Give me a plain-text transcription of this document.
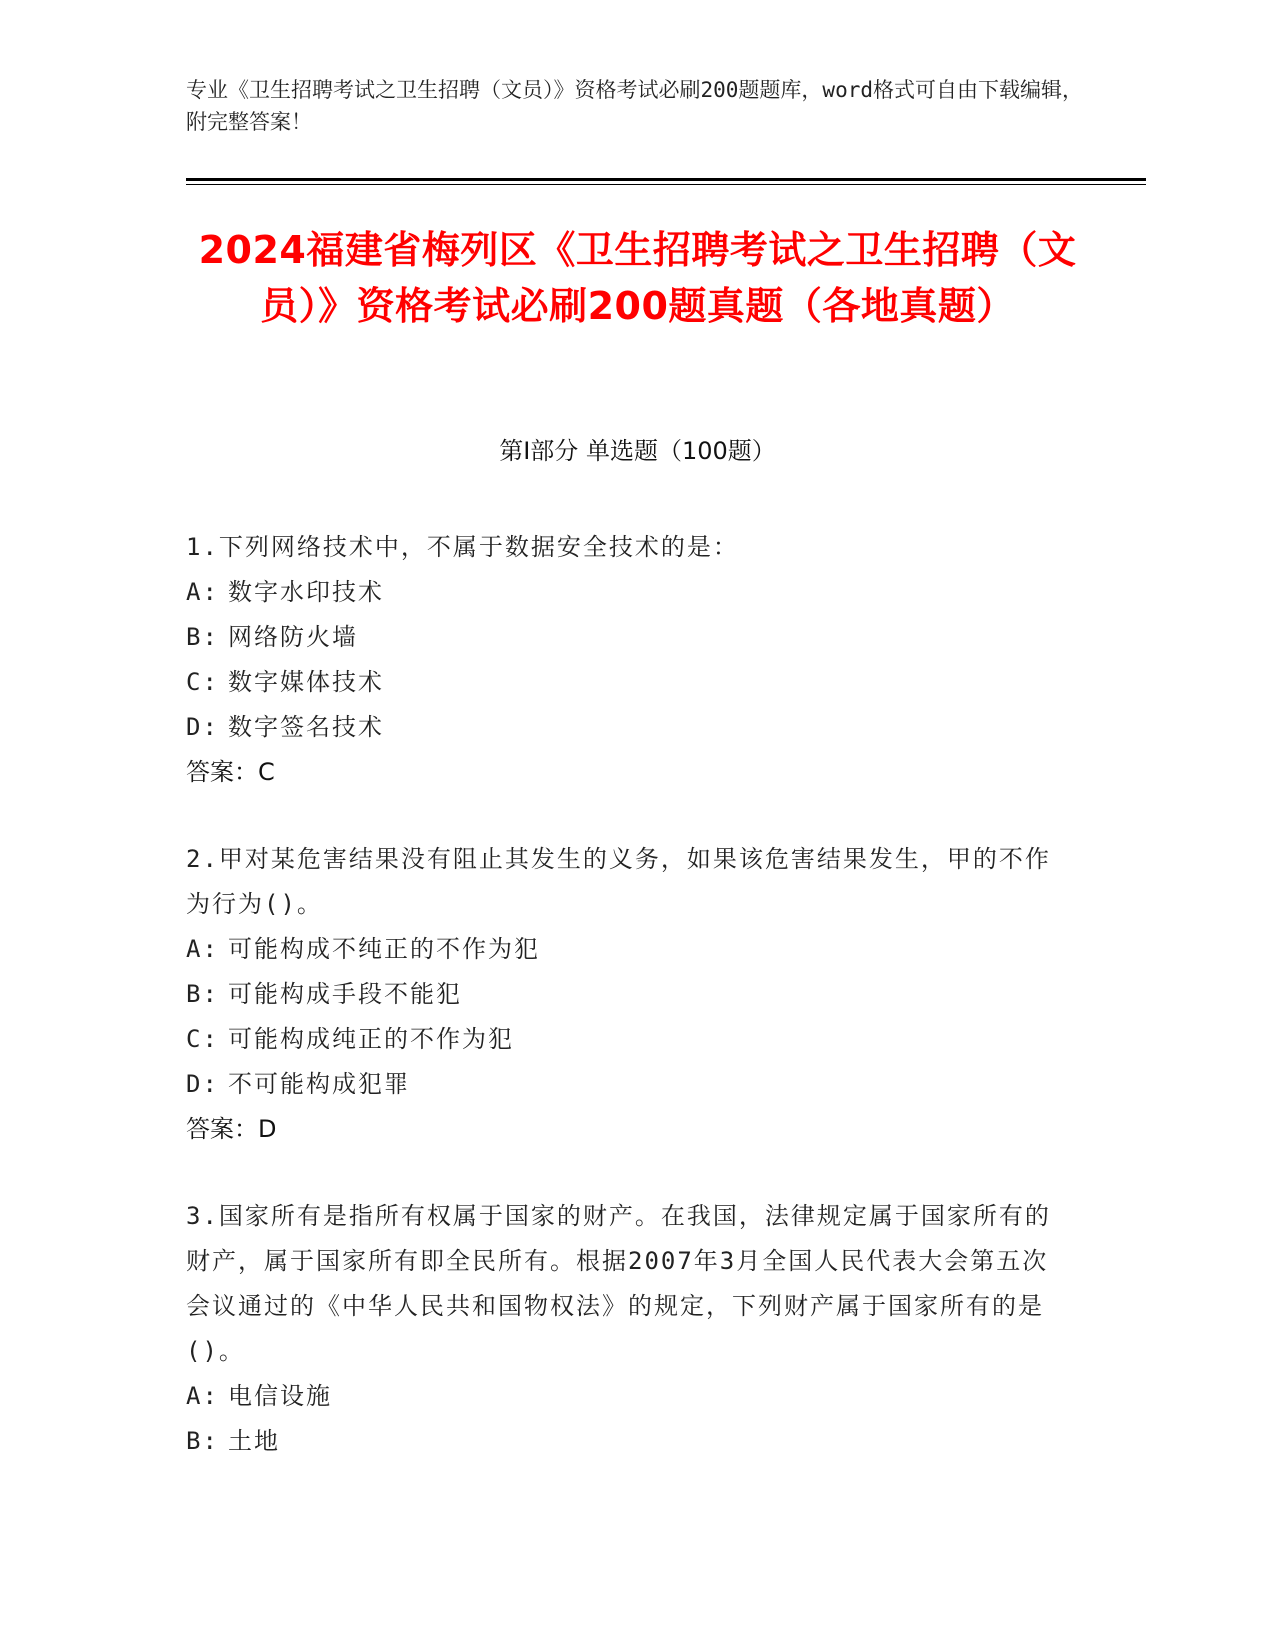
专业《卫生招聘考试之卫生招聘（文员）》资格考试必刷200题题库，word格式可自由下载编辑，附完整答案！
2024福建省梅列区《卫生招聘考试之卫生招聘（文员）》资格考试必刷200题真题（各地真题）
第I部分 单选题（100题）

1.下列网络技术中，不属于数据安全技术的是：

A: 数字水印技术

B: 网络防火墙

C: 数字媒体技术

D: 数字签名技术

答案：C

2.甲对某危害结果没有阻止其发生的义务，如果该危害结果发生，甲的不作为行为()。

A: 可能构成不纯正的不作为犯

B: 可能构成手段不能犯

C: 可能构成纯正的不作为犯

D: 不可能构成犯罪

答案：D

3.国家所有是指所有权属于国家的财产。在我国，法律规定属于国家所有的财产，属于国家所有即全民所有。根据2007年3月全国人民代表大会第五次会议通过的《中华人民共和国物权法》的规定，下列财产属于国家所有的是()。

A: 电信设施

B: 土地
